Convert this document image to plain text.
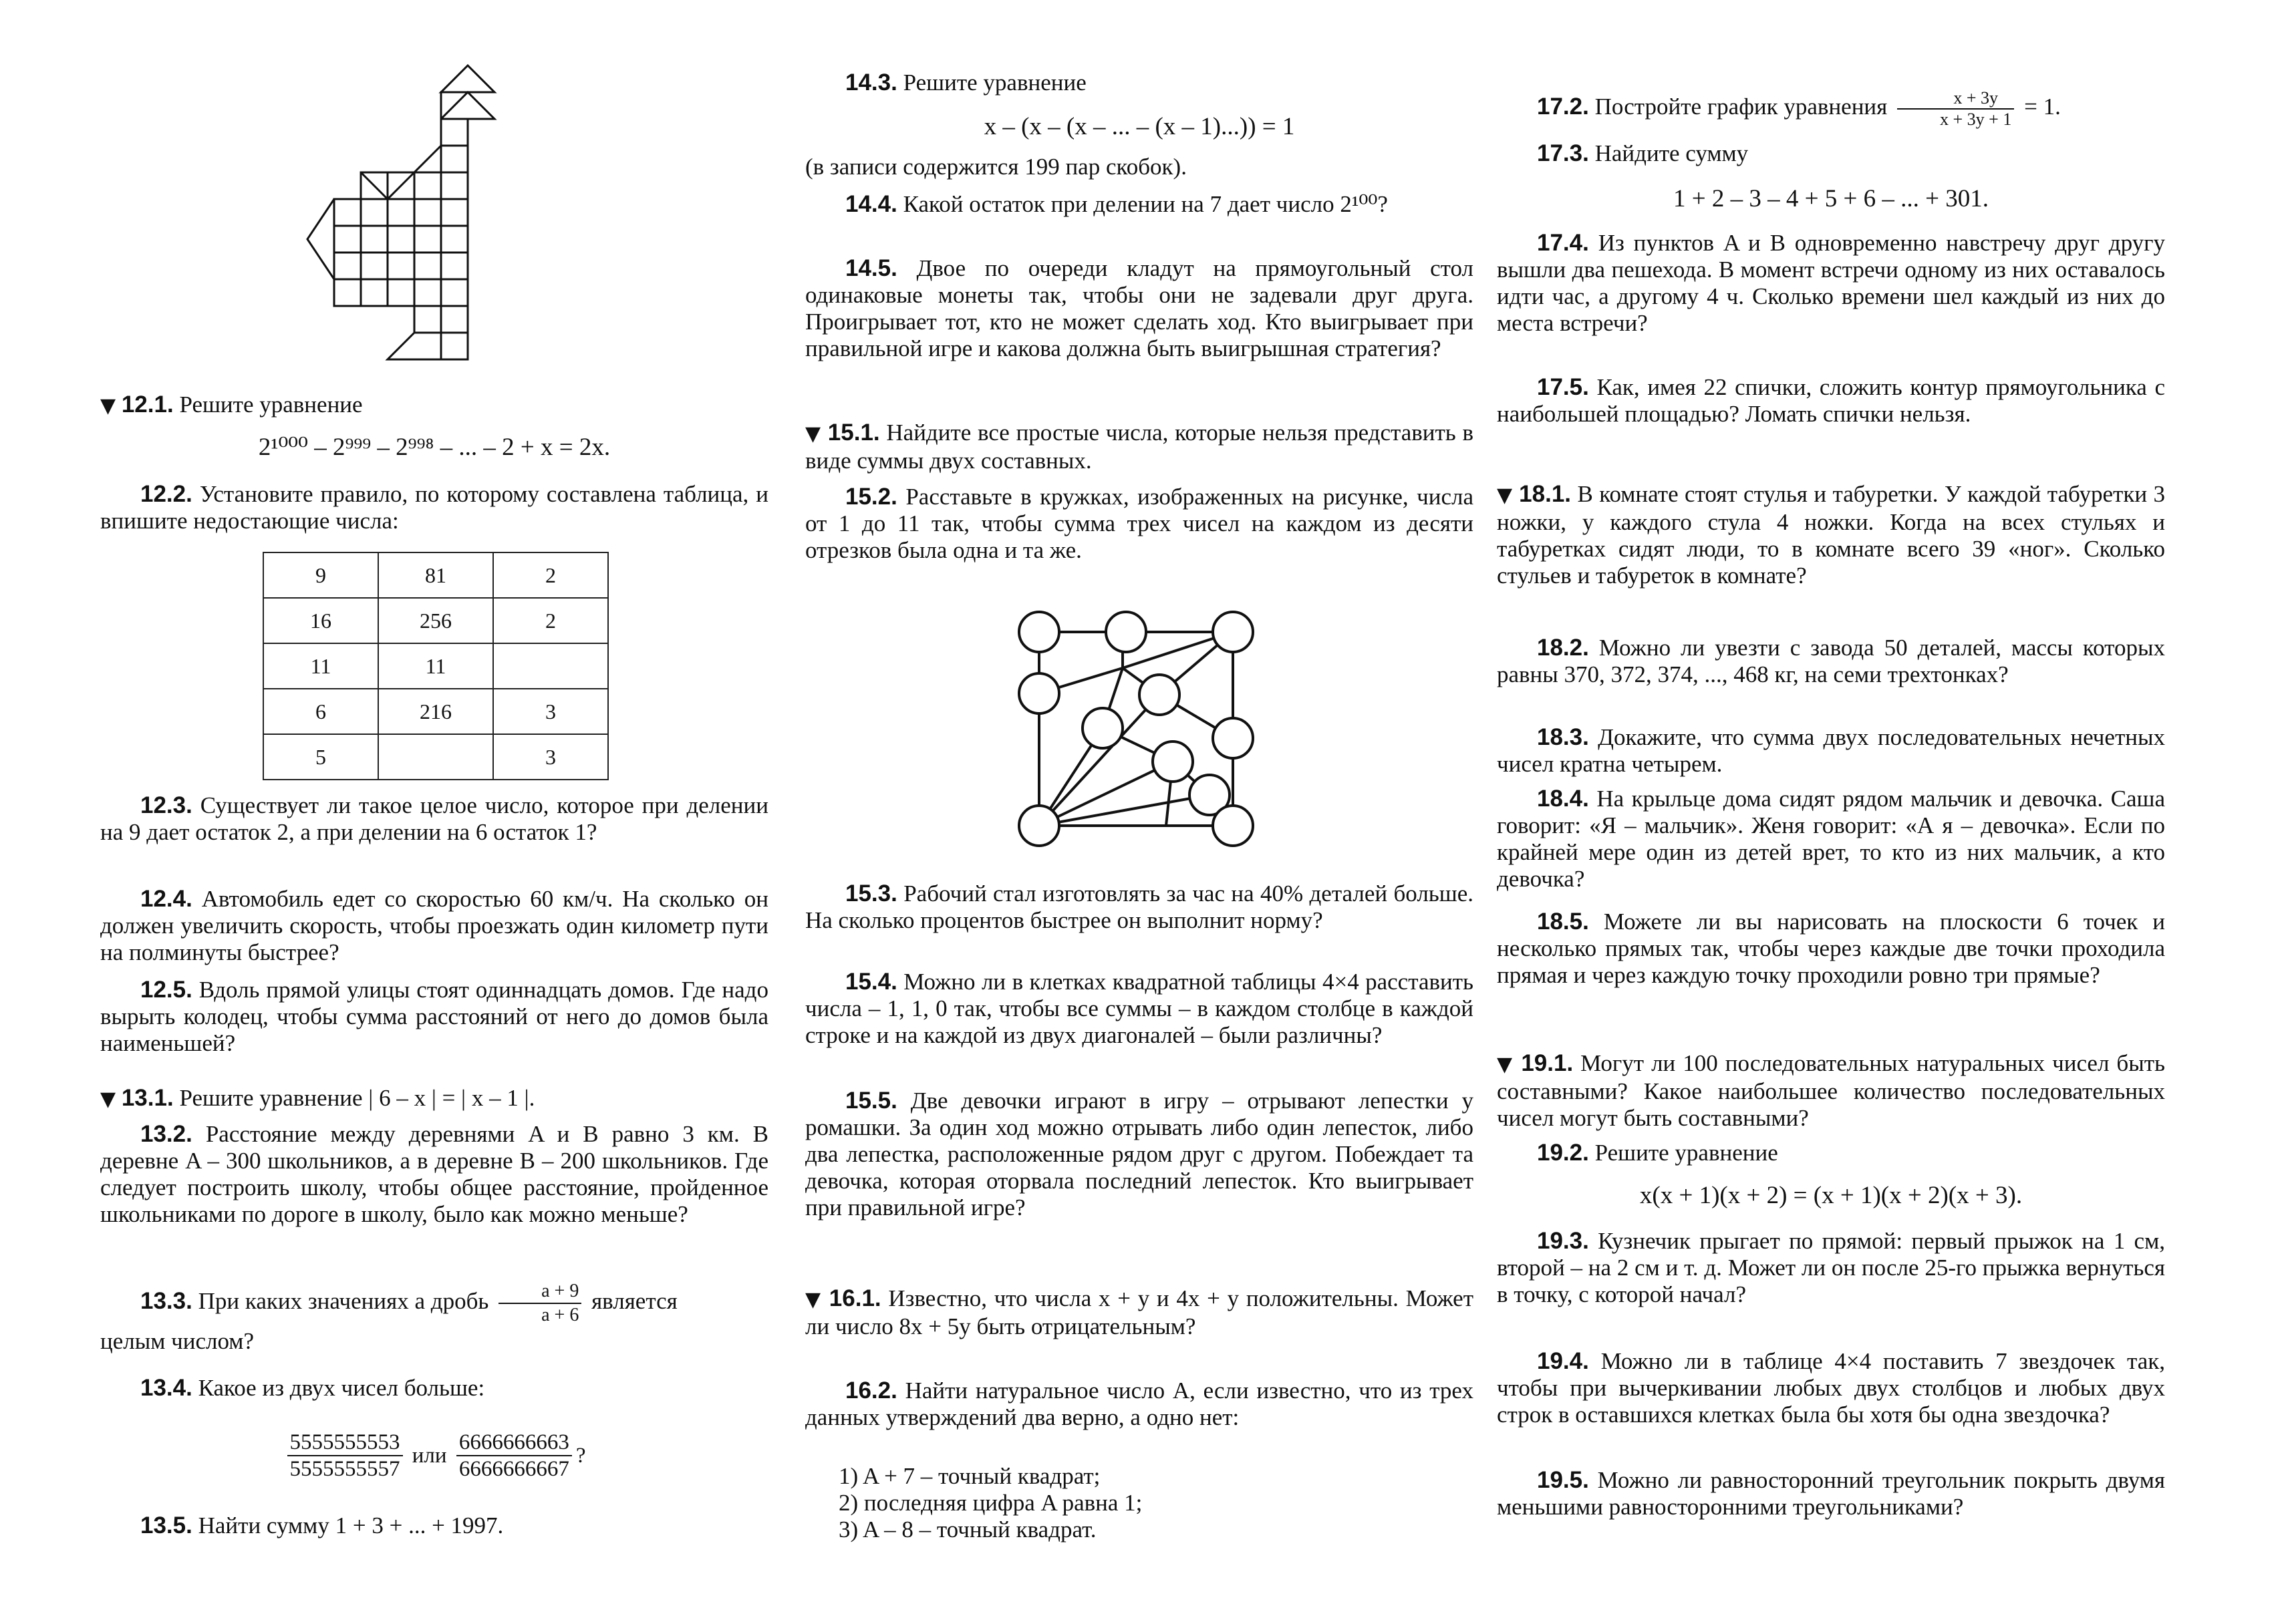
▼ 12.1. Решите уравнение

2¹⁰⁰⁰ – 2⁹⁹⁹ – 2⁹⁹⁸ – ... – 2 + x = 2x.

12.2. Установите правило, по которому составлена таблица, и впишите недостающие числа:

9	81	2
16	256	2
11	11	
6	216	3
5		3

12.3. Существует ли такое целое число, которое при делении на 9 дает остаток 2, а при делении на 6 остаток 1?

12.4. Автомобиль едет со скоростью 60 км/ч. На сколько он должен увеличить скорость, чтобы проезжать один километр пути на полминуты быстрее?

12.5. Вдоль прямой улицы стоят одиннадцать домов. Где надо вырыть колодец, чтобы сумма расстояний от него до домов была наименьшей?

▼ 13.1. Решите уравнение | 6 – x | = | x – 1 |.

13.2. Расстояние между деревнями A и B равно 3 км. В деревне A – 300 школьников, а в деревне B – 200 школьников. Где следует построить школу, чтобы общее расстояние, пройденное школьниками по дороге в школу, было как можно меньше?

13.3. При каких значениях a дробь $\frac{a + 9}{a + 6}$ является
целым числом?

13.4. Какое из двух чисел больше:

$\frac{5555555553}{5555555557}$ или $\frac{6666666663}{6666666667}$ ?

13.5. Найти сумму 1 + 3 + ... + 1997.

14.3. Решите уравнение

x – (x – (x – ... – (x – 1)...)) = 1

(в записи содержится 199 пар скобок).

14.4. Какой остаток при делении на 7 дает число 2¹⁰⁰?

14.5. Двое по очереди кладут на прямоугольный стол одинаковые монеты так, чтобы они не задевали друг друга. Проигрывает тот, кто не может сделать ход. Кто выигрывает при правильной игре и какова должна быть выигрышная стратегия?

▼ 15.1. Найдите все простые числа, которые нельзя представить в виде суммы двух составных.

15.2. Расставьте в кружках, изображенных на рисунке, числа от 1 до 11 так, чтобы сумма трех чисел на каждом из десяти отрезков была одна и та же.

15.3. Рабочий стал изготовлять за час на 40% деталей больше. На сколько процентов быстрее он выполнит норму?

15.4. Можно ли в клетках квадратной таблицы 4×4 расставить числа – 1, 1, 0 так, чтобы все суммы – в каждом столбце в каждой строке и на каждой из двух диагоналей – были различны?

15.5. Две девочки играют в игру – отрывают лепестки у ромашки. За один ход можно отрывать либо один лепесток, либо два лепестка, расположенные рядом друг с другом. Побеждает та девочка, которая оторвала последний лепесток. Кто выигрывает при правильной игре?

▼ 16.1. Известно, что числа x + y и 4x + y положительны. Может ли число 8x + 5y быть отрицательным?

16.2. Найти натуральное число A, если известно, что из трех данных утверждений два верно, а одно нет:

1) A + 7 – точный квадрат;
2) последняя цифра A равна 1;
3) A – 8 – точный квадрат.

17.2. Постройте график уравнения $\frac{x + 3y}{x + 3y + 1} = 1$.

17.3. Найдите сумму

1 + 2 – 3 – 4 + 5 + 6 – ... + 301.

17.4. Из пунктов A и B одновременно навстречу друг другу вышли два пешехода. В момент встречи одному из них оставалось идти час, а другому 4 ч. Сколько времени шел каждый из них до места встречи?

17.5. Как, имея 22 спички, сложить контур прямоугольника с наибольшей площадью? Ломать спички нельзя.

▼ 18.1. В комнате стоят стулья и табуретки. У каждой табуретки 3 ножки, у каждого стула 4 ножки. Когда на всех стульях и табуретках сидят люди, то в комнате всего 39 «ног». Сколько стульев и табуреток в комнате?

18.2. Можно ли увезти с завода 50 деталей, массы которых равны 370, 372, 374, ..., 468 кг, на семи трехтонках?

18.3. Докажите, что сумма двух последовательных нечетных чисел кратна четырем.

18.4. На крыльце дома сидят рядом мальчик и девочка. Саша говорит: «Я – мальчик». Женя говорит: «А я – девочка». Если по крайней мере один из детей врет, то кто из них мальчик, а кто девочка?

18.5. Можете ли вы нарисовать на плоскости 6 точек и несколько прямых так, чтобы через каждые две точки проходила прямая и через каждую точку проходили ровно три прямые?

▼ 19.1. Могут ли 100 последовательных натуральных чисел быть составными? Какое наибольшее количество последовательных чисел могут быть составными?

19.2. Решите уравнение

x(x + 1)(x + 2) = (x + 1)(x + 2)(x + 3).

19.3. Кузнечик прыгает по прямой: первый прыжок на 1 см, второй – на 2 см и т. д. Может ли он после 25-го прыжка вернуться в точку, с которой начал?

19.4. Можно ли в таблице 4×4 поставить 7 звездочек так, чтобы при вычеркивании любых двух столбцов и любых двух строк в оставшихся клетках была бы хотя бы одна звездочка?

19.5. Можно ли равносторонний треугольник покрыть двумя меньшими равносторонними треугольниками?
